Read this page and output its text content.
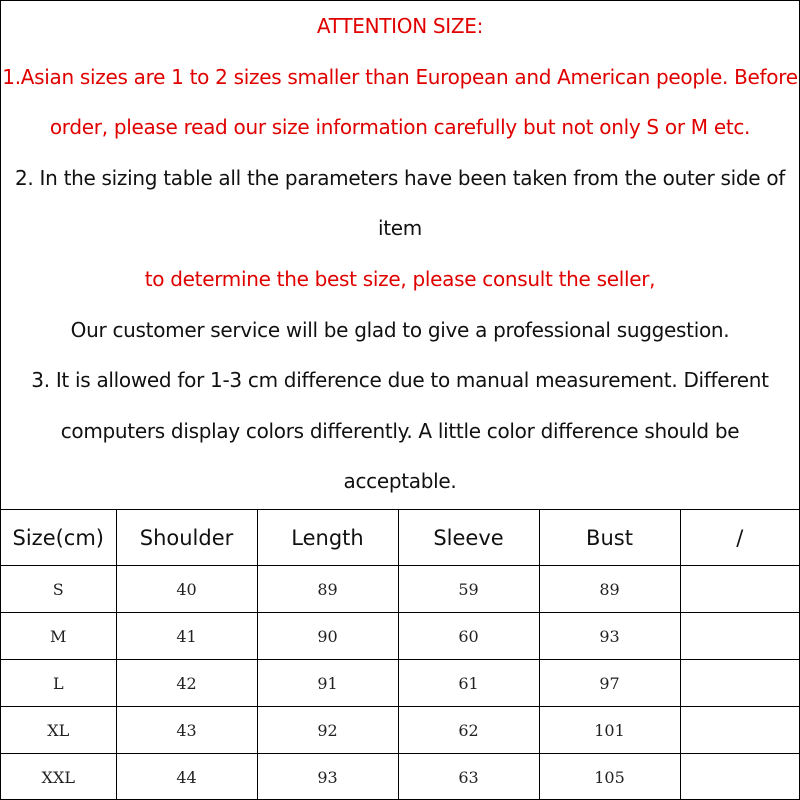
ATTENTION SIZE:
1.Asian sizes are 1 to 2 sizes smaller than European and American people. Before
order, please read our size information carefully but not only S or M etc.
2. In the sizing table all the parameters have been taken from the outer side of
item
to determine the best size, please consult the seller,
Our customer service will be glad to give a professional suggestion.
3. It is allowed for 1-3 cm difference due to manual measurement. Different
computers display colors differently. A little color difference should be
acceptable.
Size(cm)	Shoulder	Length	Sleeve	Bust	/
S	40	89	59	89	
M	41	90	60	93	
L	42	91	61	97	
XL	43	92	62	101	
XXL	44	93	63	105	
